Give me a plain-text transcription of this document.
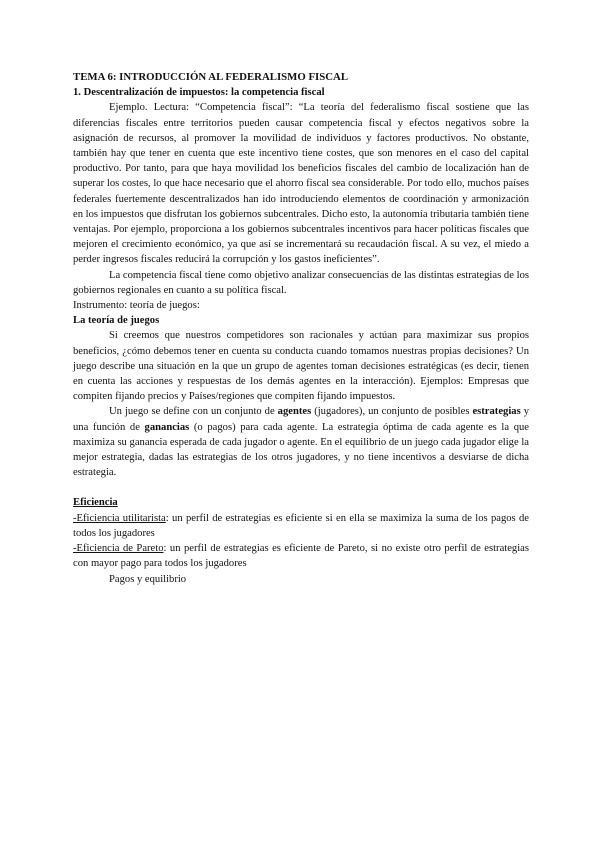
TEMA 6: INTRODUCCIÓN AL FEDERALISMO FISCAL

1. Descentralización de impuestos: la competencia fiscal

Ejemplo. Lectura: “Competencia fiscal”: “La teoría del federalismo fiscal sostiene que las diferencias fiscales entre territorios pueden causar competencia fiscal y efectos negativos sobre la asignación de recursos, al promover la movilidad de individuos y factores productivos. No obstante, también hay que tener en cuenta que este incentivo tiene costes, que son menores en el caso del capital productivo. Por tanto, para que haya movilidad los beneficios fiscales del cambio de localización han de superar los costes, lo que hace necesario que el ahorro fiscal sea considerable. Por todo ello, muchos países federales fuertemente descentralizados han ido introduciendo elementos de coordinación y armonización en los impuestos que disfrutan los gobiernos subcentrales. Dicho esto, la autonomía tributaria también tiene ventajas. Por ejemplo, proporciona a los gobiernos subcentrales incentivos para hacer políticas fiscales que mejoren el crecimiento económico, ya que así se incrementará su recaudación fiscal. A su vez, el miedo a perder ingresos fiscales reducirá la corrupción y los gastos ineficientes”.

La competencia fiscal tiene como objetivo analizar consecuencias de las distintas estrategias de los gobiernos regionales en cuanto a su política fiscal.

Instrumento: teoría de juegos:

La teoría de juegos

Si creemos que nuestros competidores son racionales y actúan para maximizar sus propios beneficios, ¿cómo debemos tener en cuenta su conducta cuando tomamos nuestras propias decisiones? Un juego describe una situación en la que un grupo de agentes toman decisiones estratégicas (es decir, tienen en cuenta las acciones y respuestas de los demás agentes en la interacción). Ejemplos: Empresas que compiten fijando precios y Países/regiones que compiten fijando impuestos.

Un juego se define con un conjunto de agentes (jugadores), un conjunto de posibles estrategias y una función de ganancias (o pagos) para cada agente. La estrategia óptima de cada agente es la que maximiza su ganancia esperada de cada jugador o agente. En el equilibrio de un juego cada jugador elige la mejor estrategia, dadas las estrategias de los otros jugadores, y no tiene incentivos a desviarse de dicha estrategia.

Eficiencia

-Eficiencia utilitarista: un perfil de estrategias es eficiente si en ella se maximiza la suma de los pagos de todos los jugadores

-Eficiencia de Pareto: un perfil de estrategias es eficiente de Pareto, si no existe otro perfil de estrategias con mayor pago para todos los jugadores

Pagos y equilibrio
